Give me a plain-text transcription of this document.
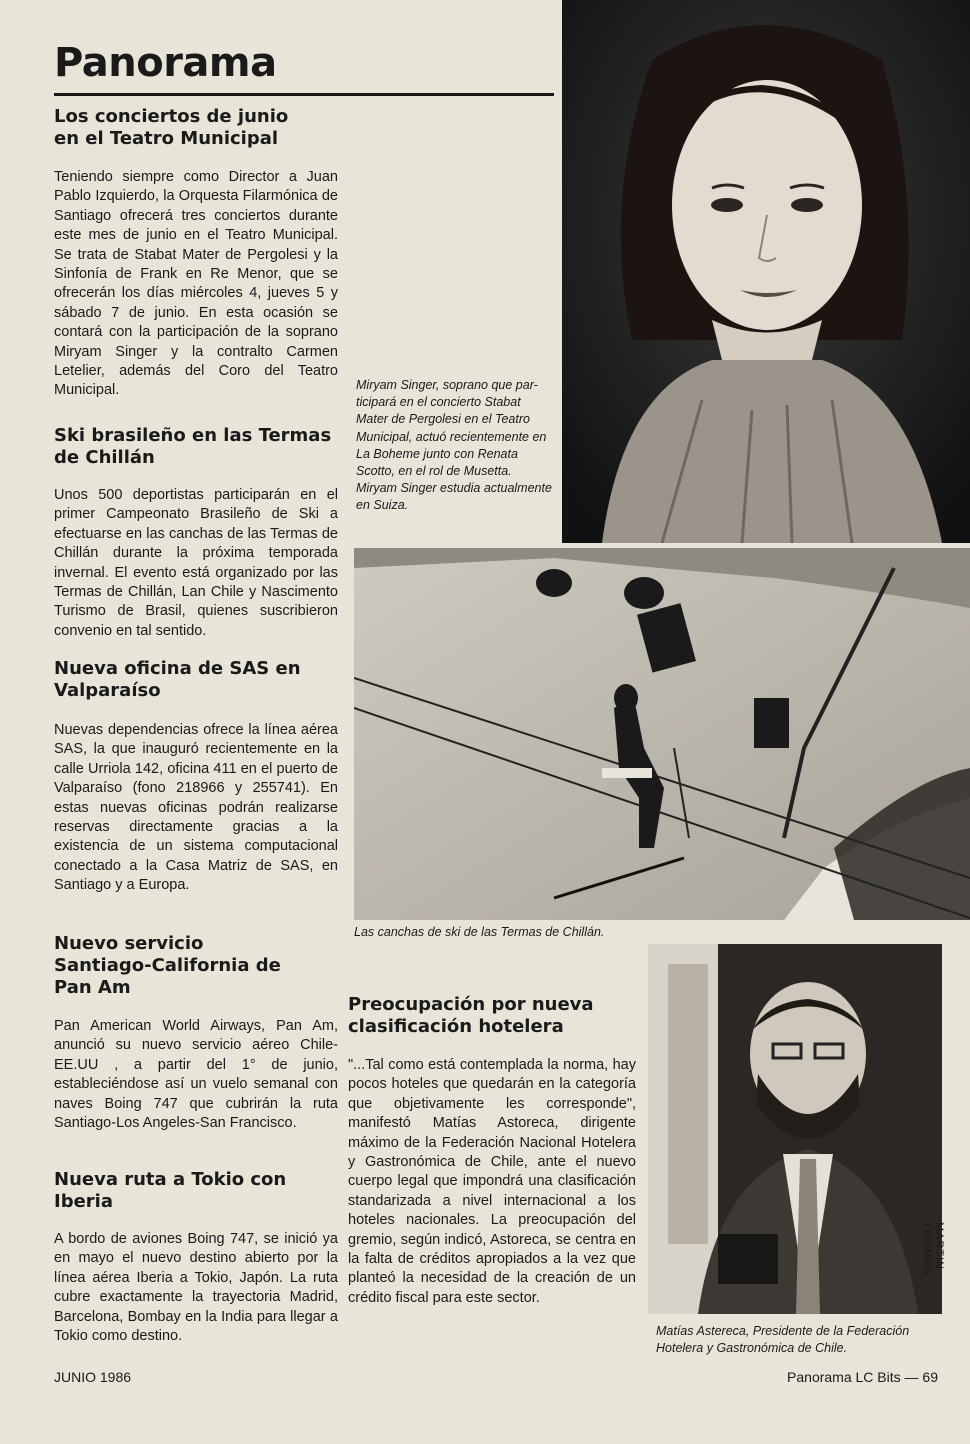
Panorama
Los conciertos de junio en el Teatro Municipal

Teniendo siempre como Director a Juan Pablo Izquierdo, la Orquesta Filarmónica de Santiago ofrecerá tres conciertos durante este mes de junio en el Teatro Municipal. Se trata de Stabat Mater de Pergolesi y la Sinfonía de Frank en Re Menor, que se ofrecerán los días miércoles 4, jueves 5 y sábado 7 de junio. En esta ocasión se contará con la participación de la soprano Miryam Singer y la contralto Carmen Letelier, además del Coro del Teatro Municipal.

Ski brasileño en las Termas de Chillán

Unos 500 deportistas participarán en el primer Campeonato Brasileño de Ski a efectuarse en las canchas de las Termas de Chillán durante la próxima temporada invernal. El evento está organizado por las Termas de Chillán, Lan Chile y Nascimento Turismo de Brasil, quienes suscribieron convenio en tal sentido.

Nueva oficina de SAS en Valparaíso

Nuevas dependencias ofrece la línea aérea SAS, la que inauguró recientemente en la calle Urriola 142, oficina 411 en el puerto de Valparaíso (fono 218966 y 255741). En estas nuevas oficinas podrán realizarse reservas directamente gracias a la existencia de un sistema computacional conectado a la Casa Matriz de SAS, en Santiago y a Europa.

Nuevo servicio Santiago-California de Pan Am

Pan American World Airways, Pan Am, anunció su nuevo servicio aéreo Chile-EE.UU , a partir del 1° de junio, estableciéndose así un vuelo semanal con naves Boing 747 que cubrirán la ruta Santiago-Los Angeles-San Francisco.

Nueva ruta a Tokio con Iberia

A bordo de aviones Boing 747, se inició ya en mayo el nuevo destino abierto por la línea aérea Iberia a Tokio, Japón. La ruta cubre exactamente la trayectoria Madrid, Barcelona, Bombay en la India para llegar a Tokio como destino.

Preocupación por nueva clasificación hotelera

"...Tal como está contemplada la norma, hay pocos hoteles que quedarán en la categoría que objetivamente les corresponde", manifestó Matías Astoreca, dirigente máximo de la Federación Nacional Hotelera y Gastronómica de Chile, ante el nuevo cuerpo legal que impondrá una clasificación standarizada a nivel internacional a los hoteles nacionales. La preocupación del gremio, según indicó, Astoreca, se centra en la falta de créditos apropiados a la vez que planteó la necesidad de la creación de un crédito fiscal para este sector.

Miryam Singer, soprano que par-ticipará en el concierto Stabat Mater de Pergolesi en el Teatro Municipal, actuó recientemente en La Boheme junto con Renata Scotto, en el rol de Musetta. Miryam Singer estudia actualmente en Suiza.

Las canchas de ski de las Termas de Chillán.

MARTIN THOMAS

Matías Astereca, Presidente de la Federación Hotelera y Gastronómica de Chile.

JUNIO 1986	Panorama LC Bits — 69
